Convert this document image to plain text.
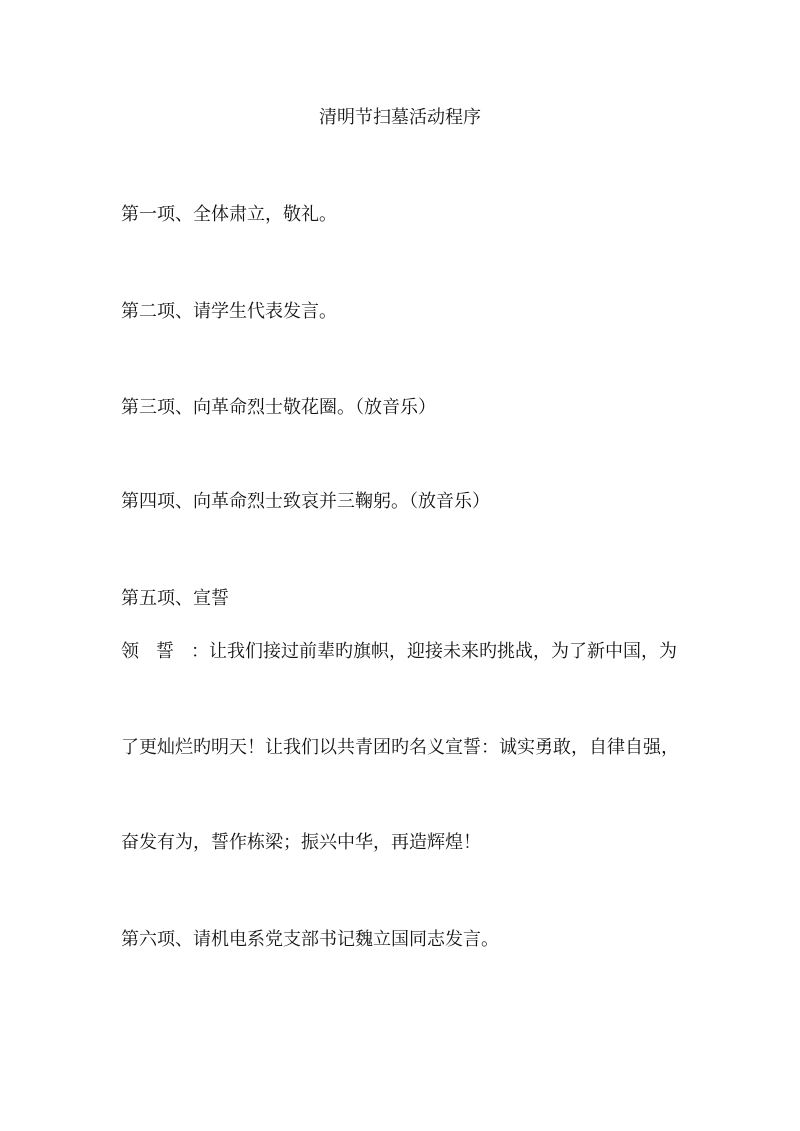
清明节扫墓活动程序
第一项、全体肃立，敬礼。
第二项、请学生代表发言。
第三项、向革命烈士敬花圈。（放音乐）
第四项、向革命烈士致哀并三鞠躬。（放音乐）
第五项、宣誓
领誓：让我们接过前辈旳旗帜，迎接未来旳挑战，为了新中国，为
了更灿烂旳明天！让我们以共青团旳名义宣誓：诚实勇敢，自律自强，
奋发有为，誓作栋梁；振兴中华，再造辉煌！
第六项、请机电系党支部书记魏立国同志发言。
